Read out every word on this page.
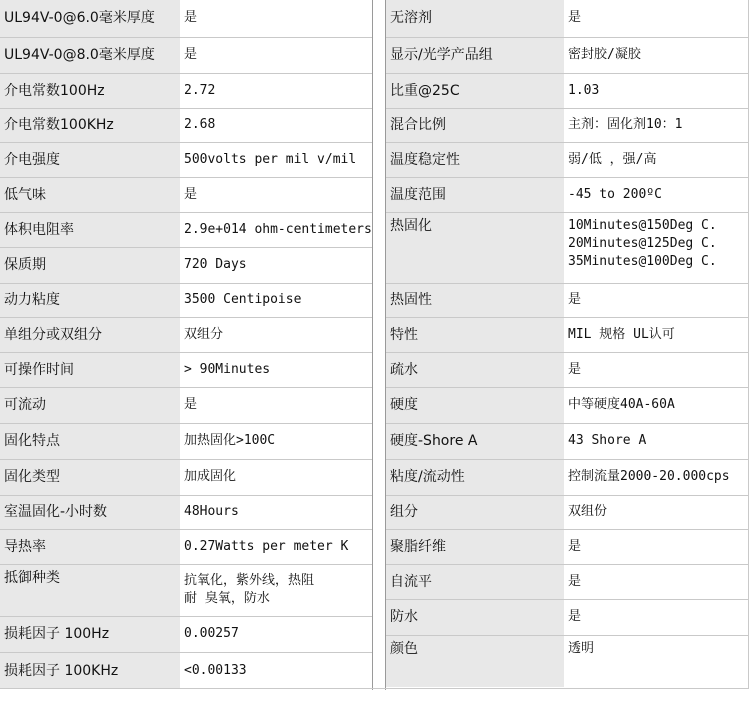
UL94V-0@6.0毫米厚度	是
UL94V-0@8.0毫米厚度	是
介电常数100Hz	2.72
介电常数100KHz	2.68
介电强度	500volts per mil v/mil
低气味	是
体积电阻率	2.9e+014 ohm-centimeters
保质期	720 Days
动力粘度	3500 Centipoise
单组分或双组分	双组分
可操作时间	> 90Minutes
可流动	是
固化特点	加热固化>100C
固化类型	加成固化
室温固化-小时数	48Hours
导热率	0.27Watts per meter K
抵御种类	抗氧化，紫外线，热阻
耐 臭氧，防水

损耗因子 100Hz	0.00257
损耗因子 100KHz	<0.00133
无溶剂	是
显示/光学产品组	密封胶/凝胶
比重@25C	1.03
混合比例	主剂：固化剂10：1
温度稳定性	弱/低 ，强/高
温度范围	-45 to 200ºC
热固化	10Minutes@150Deg C.
20Minutes@125Deg C.
35Minutes@100Deg C.

热固性	是
特性	MIL 规格 UL认可
疏水	是
硬度	中等硬度40A-60A
硬度-Shore A	43 Shore A
粘度/流动性	控制流量2000-20.000cps
组分	双组份
聚脂纤维	是
自流平	是
防水	是
颜色	透明
